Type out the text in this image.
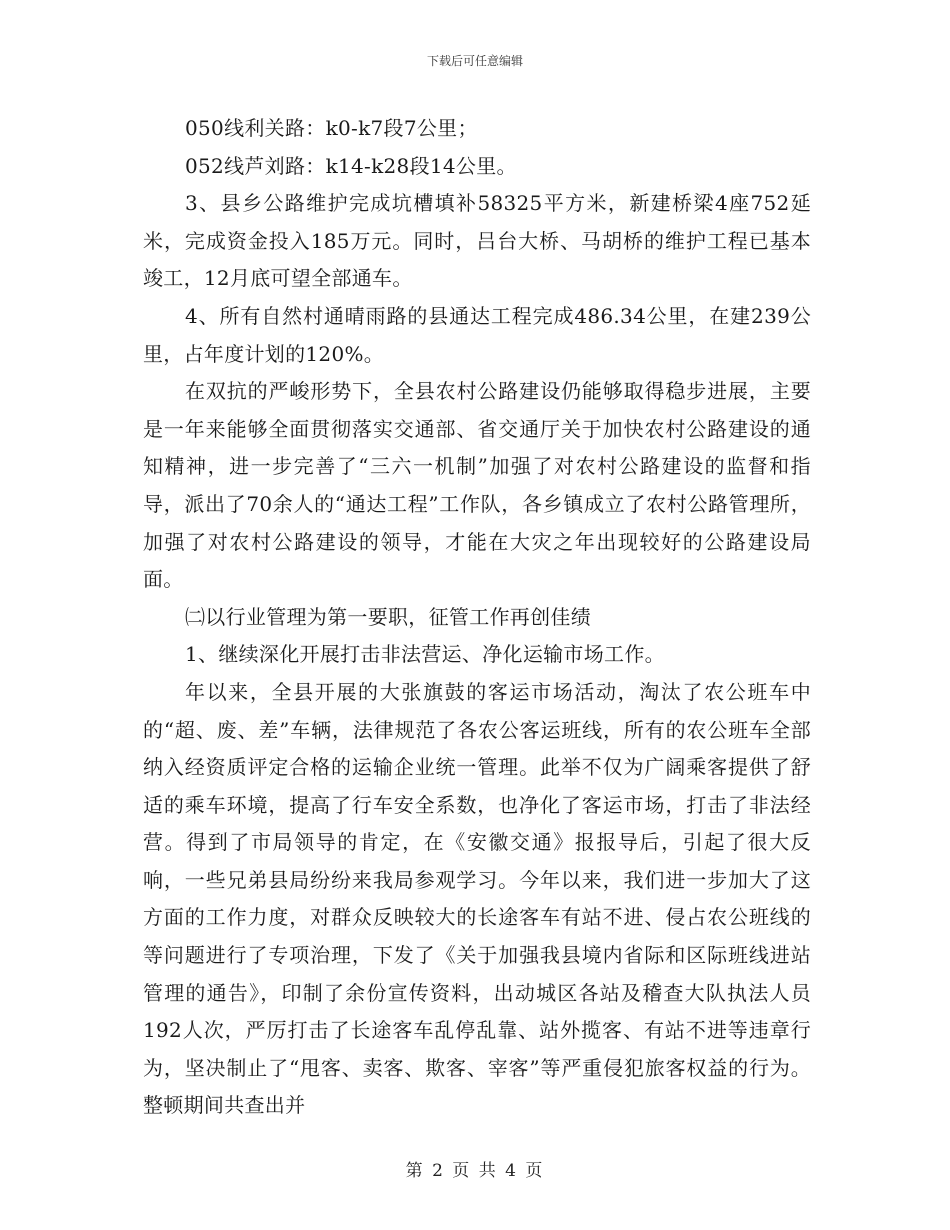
下载后可任意编辑

050线利关路：k0-k7段7公里；

052线芦刘路：k14-k28段14公里。

3、县乡公路维护完成坑槽填补58325平方米，新建桥梁4座752延米，完成资金投入185万元。同时，吕台大桥、马胡桥的维护工程已基本竣工，12月底可望全部通车。

4、所有自然村通晴雨路的县通达工程完成486.34公里，在建239公里，占年度计划的120%。

在双抗的严峻形势下，全县农村公路建设仍能够取得稳步进展，主要是一年来能够全面贯彻落实交通部、省交通厅关于加快农村公路建设的通知精神，进一步完善了“三六一机制”加强了对农村公路建设的监督和指导，派出了70余人的“通达工程”工作队，各乡镇成立了农村公路管理所，加强了对农村公路建设的领导，才能在大灾之年出现较好的公路建设局面。

㈡以行业管理为第一要职，征管工作再创佳绩

1、继续深化开展打击非法营运、净化运输市场工作。

年以来，全县开展的大张旗鼓的客运市场活动，淘汰了农公班车中的“超、废、差”车辆，法律规范了各农公客运班线，所有的农公班车全部纳入经资质评定合格的运输企业统一管理。此举不仅为广阔乘客提供了舒适的乘车环境，提高了行车安全系数，也净化了客运市场，打击了非法经营。得到了市局领导的肯定，在《安徽交通》报报导后，引起了很大反响，一些兄弟县局纷纷来我局参观学习。今年以来，我们进一步加大了这方面的工作力度，对群众反映较大的长途客车有站不进、侵占农公班线的等问题进行了专项治理，下发了《关于加强我县境内省际和区际班线进站管理的通告》，印制了余份宣传资料，出动城区各站及稽查大队执法人员192人次，严厉打击了长途客车乱停乱靠、站外揽客、有站不进等违章行为，坚决制止了“甩客、卖客、欺客、宰客”等严重侵犯旅客权益的行为。整顿期间共查出并

第 2 页 共 4 页
